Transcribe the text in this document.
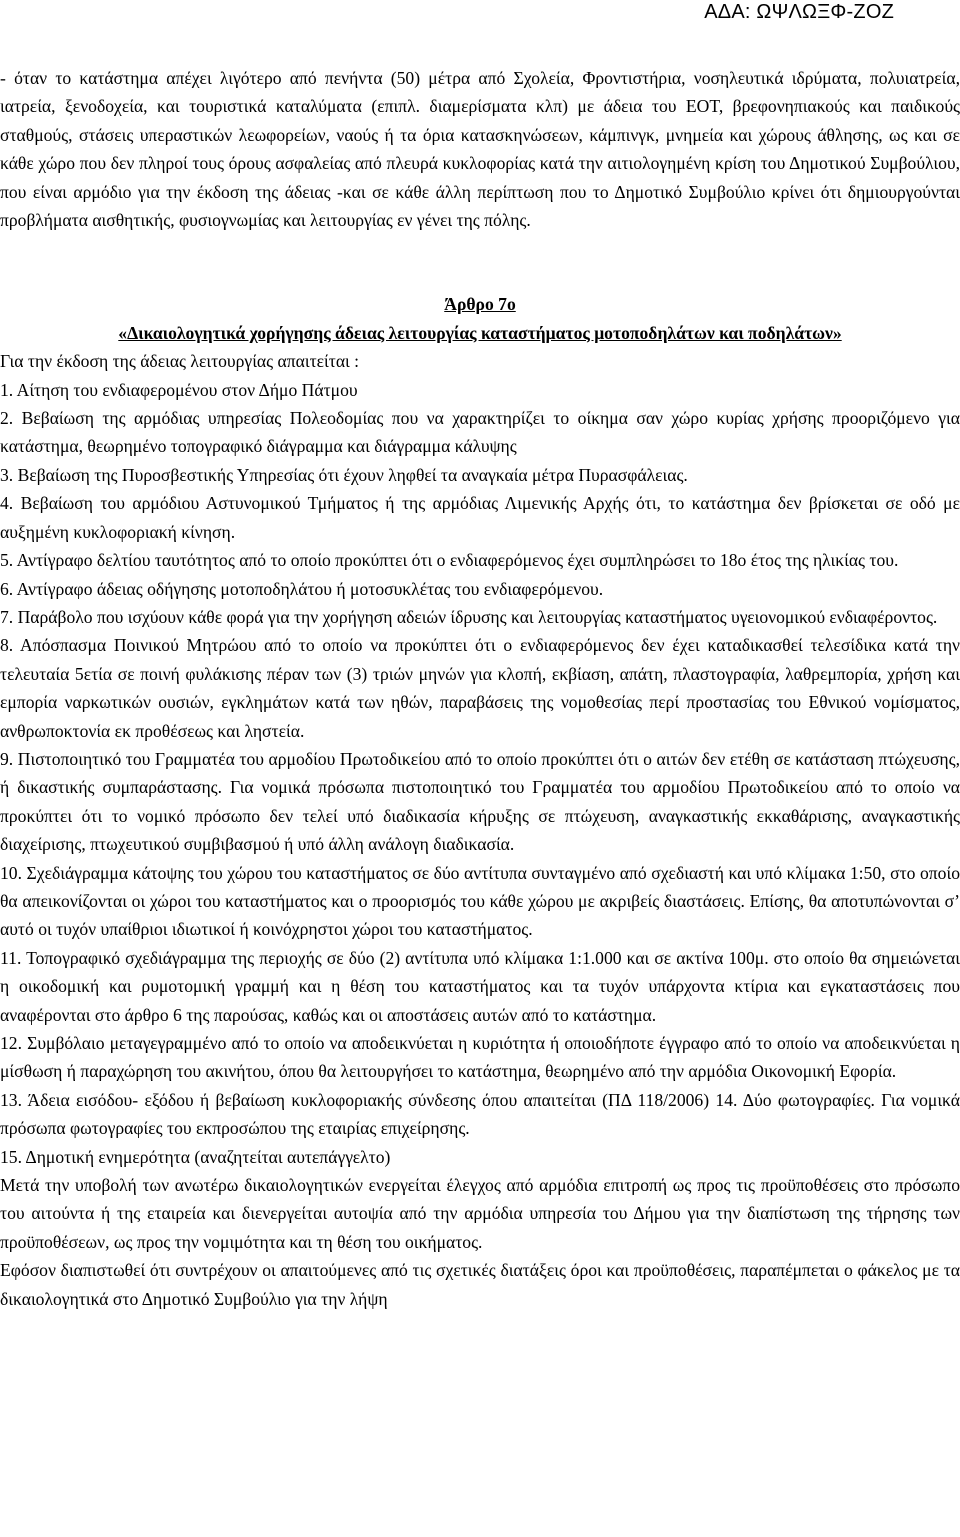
ΑΔΑ: ΩΨΛΩΞΦ-ΖΟΖ

- όταν το κατάστημα απέχει λιγότερο από πενήντα (50) μέτρα από Σχολεία, Φροντιστήρια, νοσηλευτικά ιδρύματα, πολυιατρεία, ιατρεία, ξενοδοχεία, και τουριστικά καταλύματα (επιπλ. διαμερίσματα κλπ) με άδεια του ΕΟΤ, βρεφονηπιακούς και παιδικούς σταθμούς, στάσεις υπεραστικών λεωφορείων, ναούς ή τα όρια κατασκηνώσεων, κάμπινγκ, μνημεία και χώρους άθλησης, ως και σε κάθε χώρο που δεν πληροί τους όρους ασφαλείας από πλευρά κυκλοφορίας κατά την αιτιολογημένη κρίση του Δημοτικού Συμβούλιου, που είναι αρμόδιο για την έκδοση της άδειας -και σε κάθε άλλη περίπτωση που το Δημοτικό Συμβούλιο κρίνει ότι δημιουργούνται προβλήματα αισθητικής, φυσιογνωμίας και λειτουργίας εν γένει της πόλης.

Άρθρο 7ο

«Δικαιολογητικά χορήγησης άδειας λειτουργίας καταστήματος μοτοποδηλάτων και ποδηλάτων»

Για την έκδοση της άδειας λειτουργίας απαιτείται :

1. Αίτηση του ενδιαφερομένου στον Δήμο Πάτμου

2. Βεβαίωση της αρμόδιας υπηρεσίας Πολεοδομίας που να χαρακτηρίζει το οίκημα σαν χώρο κυρίας χρήσης προοριζόμενο για κατάστημα, θεωρημένο τοπογραφικό διάγραμμα και διάγραμμα κάλυψης

3. Βεβαίωση της Πυροσβεστικής Υπηρεσίας ότι έχουν ληφθεί τα αναγκαία μέτρα Πυρασφάλειας.

4. Βεβαίωση του αρμόδιου Αστυνομικού Τμήματος ή της αρμόδιας Λιμενικής Αρχής ότι, το κατάστημα δεν βρίσκεται σε οδό με αυξημένη κυκλοφοριακή κίνηση.

5. Αντίγραφο δελτίου ταυτότητος από το οποίο προκύπτει ότι ο ενδιαφερόμενος έχει συμπληρώσει το 18ο έτος της ηλικίας του.

6. Αντίγραφο άδειας οδήγησης μοτοποδηλάτου ή μοτοσυκλέτας του ενδιαφερόμενου.

7. Παράβολο που ισχύουν κάθε φορά για την χορήγηση αδειών ίδρυσης και λειτουργίας καταστήματος υγειονομικού ενδιαφέροντος.

8. Απόσπασμα Ποινικού Μητρώου από το οποίο να προκύπτει ότι ο ενδιαφερόμενος δεν έχει καταδικασθεί τελεσίδικα κατά την τελευταία 5ετία σε ποινή φυλάκισης πέραν των (3) τριών μηνών για κλοπή, εκβίαση, απάτη, πλαστογραφία, λαθρεμπορία, χρήση και εμπορία ναρκωτικών ουσιών, εγκλημάτων κατά των ηθών, παραβάσεις της νομοθεσίας περί προστασίας του Εθνικού νομίσματος, ανθρωποκτονία εκ προθέσεως και ληστεία.

9. Πιστοποιητικό του Γραμματέα του αρμοδίου Πρωτοδικείου από το οποίο προκύπτει ότι ο αιτών δεν ετέθη σε κατάσταση πτώχευσης, ή δικαστικής συμπαράστασης. Για νομικά πρόσωπα πιστοποιητικό του Γραμματέα του αρμοδίου Πρωτοδικείου από το οποίο να προκύπτει ότι το νομικό πρόσωπο δεν τελεί υπό διαδικασία κήρυξης σε πτώχευση, αναγκαστικής εκκαθάρισης, αναγκαστικής διαχείρισης, πτωχευτικού συμβιβασμού ή υπό άλλη ανάλογη διαδικασία.

10. Σχεδιάγραμμα κάτοψης του χώρου του καταστήματος σε δύο αντίτυπα συνταγμένο από σχεδιαστή και υπό κλίμακα 1:50, στο οποίο θα απεικονίζονται οι χώροι του καταστήματος και ο προορισμός του κάθε χώρου με ακριβείς διαστάσεις. Επίσης, θα αποτυπώνονται σ’ αυτό οι τυχόν υπαίθριοι ιδιωτικοί ή κοινόχρηστοι χώροι του καταστήματος.

11. Τοπογραφικό σχεδιάγραμμα της περιοχής σε δύο (2) αντίτυπα υπό κλίμακα 1:1.000 και σε ακτίνα 100μ. στο οποίο θα σημειώνεται η οικοδομική και ρυμοτομική γραμμή και η θέση του καταστήματος και τα τυχόν υπάρχοντα κτίρια και εγκαταστάσεις που αναφέρονται στο άρθρο 6 της παρούσας, καθώς και οι αποστάσεις αυτών από το κατάστημα.

12. Συμβόλαιο μεταγεγραμμένο από το οποίο να αποδεικνύεται η κυριότητα ή οποιοδήποτε έγγραφο από το οποίο να αποδεικνύεται η μίσθωση ή παραχώρηση του ακινήτου, όπου θα λειτουργήσει το κατάστημα, θεωρημένο από την αρμόδια Οικονομική Εφορία.

13. Άδεια εισόδου- εξόδου ή βεβαίωση κυκλοφοριακής σύνδεσης όπου απαιτείται (ΠΔ 118/2006) 14. Δύο φωτογραφίες. Για νομικά πρόσωπα φωτογραφίες του εκπροσώπου της εταιρίας επιχείρησης.

15. Δημοτική ενημερότητα (αναζητείται αυτεπάγγελτο)

Μετά την υποβολή των ανωτέρω δικαιολογητικών ενεργείται έλεγχος από αρμόδια επιτροπή ως προς τις προϋποθέσεις στο πρόσωπο του αιτούντα ή της εταιρεία και διενεργείται αυτοψία από την αρμόδια υπηρεσία του Δήμου για την διαπίστωση της τήρησης των προϋποθέσεων, ως προς την νομιμότητα και τη θέση του οικήματος.

Εφόσον διαπιστωθεί ότι συντρέχουν οι απαιτούμενες από τις σχετικές διατάξεις όροι και προϋποθέσεις, παραπέμπεται ο φάκελος με τα δικαιολογητικά στο Δημοτικό Συμβούλιο για την λήψη
